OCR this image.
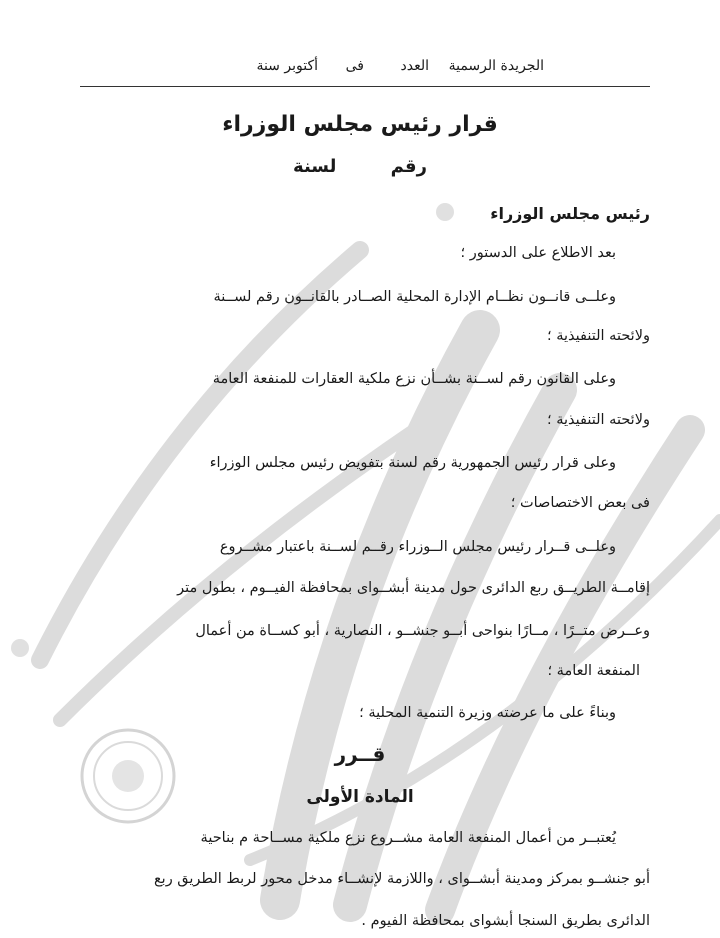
الجريدة الرسمية
العدد
فى
أكتوبر سنة
قرار رئيس مجلس الوزراء
رقم لسنة
رئيس مجلس الوزراء
بعد الاطلاع على الدستور ؛
وعلــى قانــون نظــام الإدارة المحلية الصــادر بالقانــون رقم لســنة
ولائحته التنفيذية ؛
وعلى القانون رقم لســنة بشــأن نزع ملكية العقارات للمنفعة العامة
ولائحته التنفيذية ؛
وعلى قرار رئيس الجمهورية رقم لسنة بتفويض رئيس مجلس الوزراء
فى بعض الاختصاصات ؛
وعلــى قــرار رئيس مجلس الــوزراء رقــم لســنة باعتبار مشــروع
إقامــة الطريــق ربع الدائرى حول مدينة أبشــواى بمحافظة الفيــوم ، بطول متر
وعــرض متــرًا ، مــارًا بنواحى أبــو جنشــو ، النصارية ، أبو كســاة من أعمال
المنفعة العامة ؛
وبناءً على ما عرضته وزيرة التنمية المحلية ؛
قــرر
المادة الأولى
يُعتبــر من أعمال المنفعة العامة مشــروع نزع ملكية مســاحة م بناحية
أبو جنشــو بمركز ومدينة أبشــواى ، واللازمة لإنشــاء مدخل محور لربط الطريق ربع
الدائرى بطريق السنجا أبشواى بمحافظة الفيوم .
